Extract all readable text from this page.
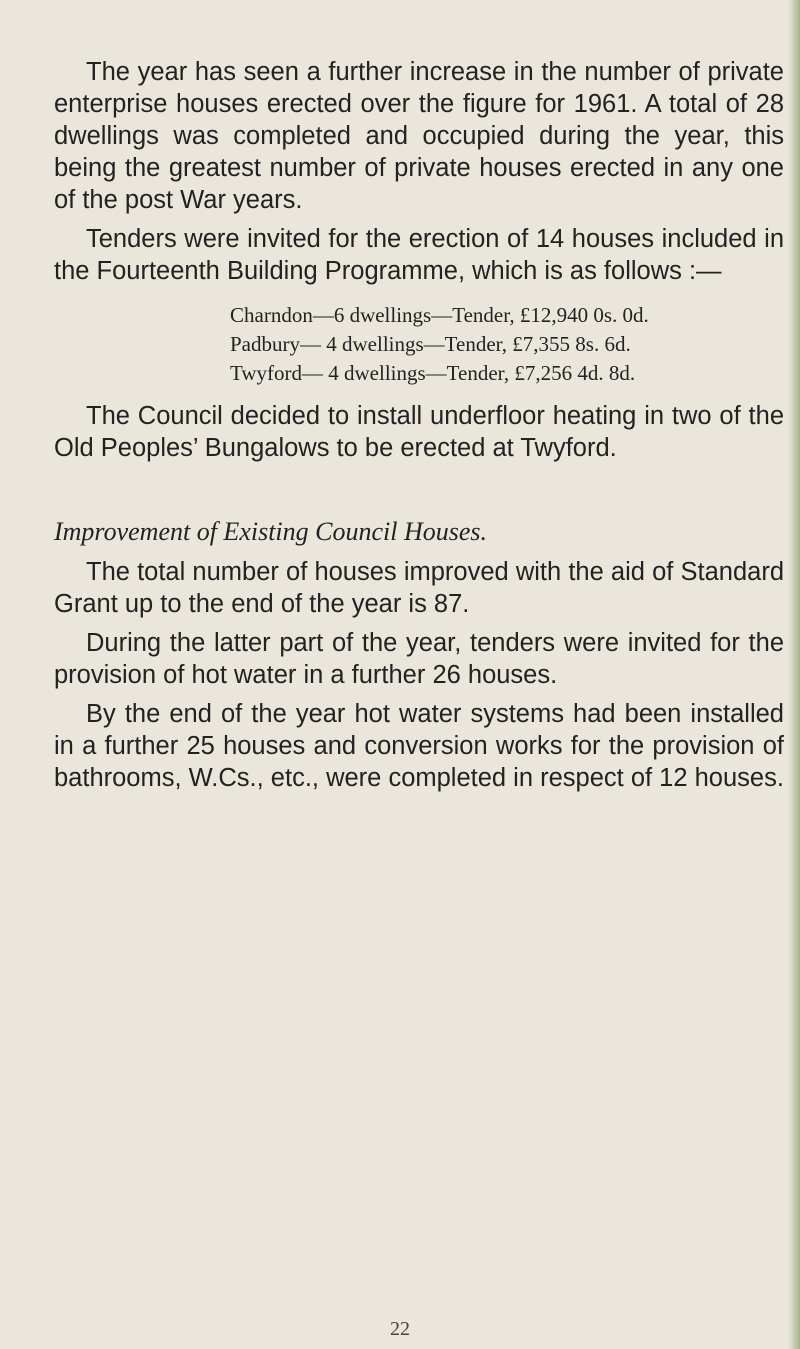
The year has seen a further increase in the number of private enterprise houses erected over the figure for 1961. A total of 28 dwellings was completed and occupied during the year, this being the greatest number of private houses erected in any one of the post War years.

Tenders were invited for the erection of 14 houses included in the Fourteenth Building Programme, which is as follows :—

Charndon—6 dwellings—Tender, £12,940 0s. 0d.
Padbury— 4 dwellings—Tender, £7,355 8s. 6d.
Twyford— 4 dwellings—Tender, £7,256 4d. 8d.

The Council decided to install underfloor heating in two of the Old Peoples’ Bungalows to be erected at Twyford.

Improvement of Existing Council Houses.

The total number of houses improved with the aid of Standard Grant up to the end of the year is 87.

During the latter part of the year, tenders were invited for the provision of hot water in a further 26 houses.

By the end of the year hot water systems had been installed in a further 25 houses and conversion works for the provision of bathrooms, W.Cs., etc., were completed in respect of 12 houses.

22
